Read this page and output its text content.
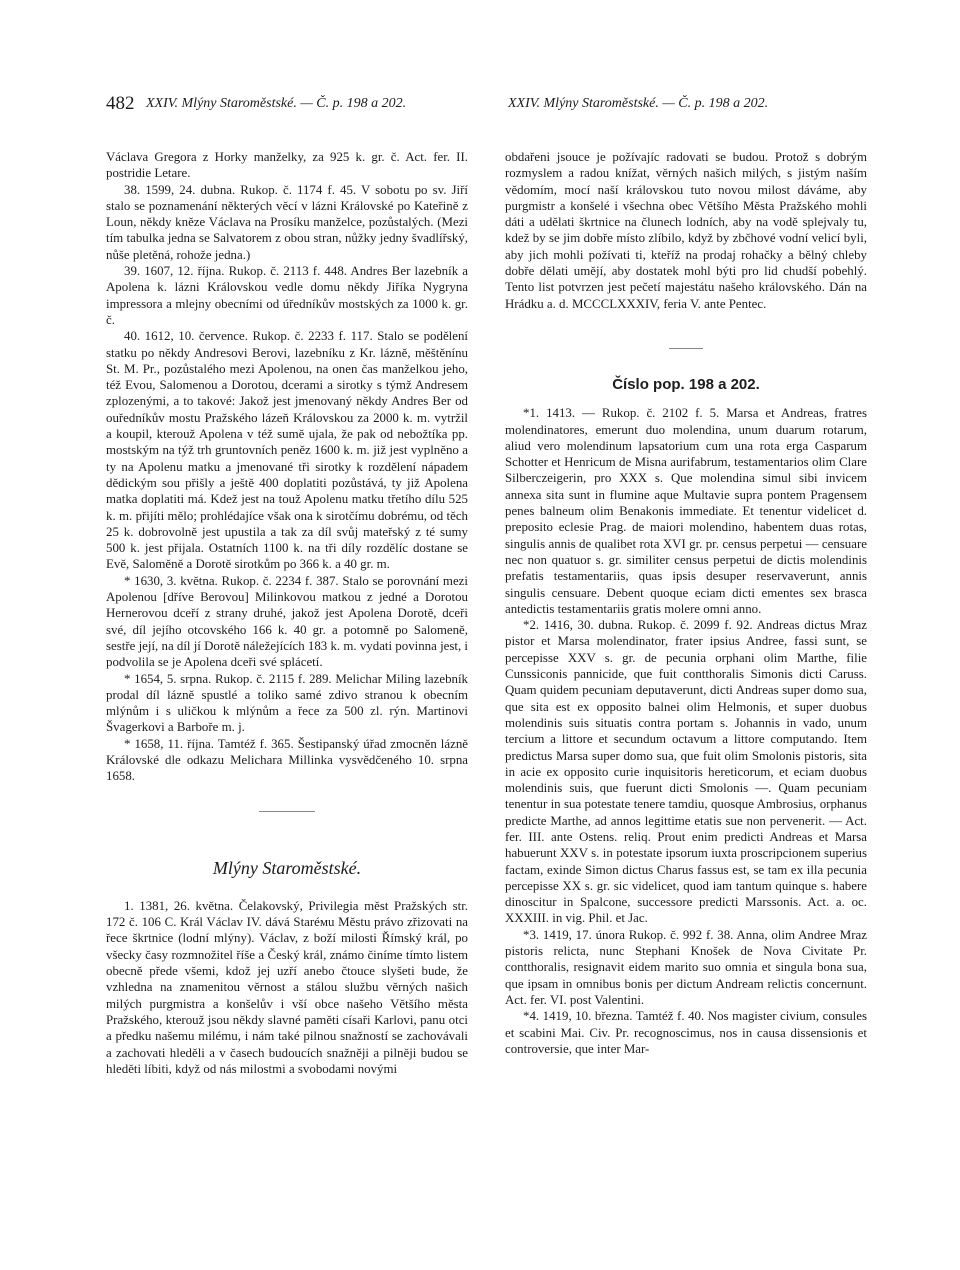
482 XXIV. Mlýny Staroměstské. — Č. p. 198 a 202.	XXIV. Mlýny Staroměstské. — Č. p. 198 a 202.

Václava Gregora z Horky manželky, za 925 k. gr. č. Act. fer. II. postridie Letare.

38. 1599, 24. dubna. Rukop. č. 1174 f. 45. V sobotu po sv. Jiří stalo se poznamenání některých věcí v lázni Královské po Kateřině z Loun, někdy kněze Václava na Prosíku manželce, pozůstalých. (Mezi tím tabulka jedna se Salvatorem z obou stran, nůžky jedny švadlířský, nůše pletěná, rohože jedna.)

39. 1607, 12. října. Rukop. č. 2113 f. 448. Andres Ber lazebník a Apolena k. lázni Královskou vedle domu někdy Jiříka Nygryna impressora a mlejny obecními od úředníkův mostských za 1000 k. gr. č.

40. 1612, 10. července. Rukop. č. 2233 f. 117. Stalo se podělení statku po někdy Andresovi Berovi, lazebníku z Kr. lázně, měštěnínu St. M. Pr., pozůstalého mezi Apolenou, na onen čas manželkou jeho, též Evou, Salomenou a Dorotou, dcerami a sirotky s týmž Andresem zplozenými, a to takové: Jakož jest jmenovaný někdy Andres Ber od ouředníkův mostu Pražského lázeň Královskou za 2000 k. m. vytržil a koupil, kterouž Apolena v též sumě ujala, že pak od nebožtíka pp. mostským na týž trh gruntovních peněz 1600 k. m. již jest vyplněno a ty na Apolenu matku a jmenované tři sirotky k rozdělení nápadem dědickým sou přišly a ještě 400 doplatiti pozůstává, ty již Apolena matka doplatiti má. Kdež jest na touž Apolenu matku třetího dílu 525 k. m. přijíti mělo; prohlédajíce však ona k sirotčímu dobrému, od těch 25 k. dobrovolně jest upustila a tak za díl svůj mateřský z té sumy 500 k. jest přijala. Ostatních 1100 k. na tři díly rozdělíc dostane se Evě, Saloměně a Dorotě sirotkům po 366 k. a 40 gr. m.

* 1630, 3. května. Rukop. č. 2234 f. 387. Stalo se porovnání mezi Apolenou [dříve Berovou] Milinkovou matkou z jedné a Dorotou Hernerovou dceří z strany druhé, jakož jest Apolena Dorotě, dceři své, díl jejího otcovského 166 k. 40 gr. a potomně po Salomeně, sestře její, na díl jí Dorotě náležejících 183 k. m. vydati povinna jest, i podvolila se je Apolena dceři své splácetí.

* 1654, 5. srpna. Rukop. č. 2115 f. 289. Melichar Miling lazebník prodal díl lázně spustlé a toliko samé zdivo stranou k obecním mlýnům i s uličkou k mlýnům a řece za 500 zl. rýn. Martinovi Švagerkovi a Barboře m. j.

* 1658, 11. října. Tamtéž f. 365. Šestipanský úřad zmocněn lázně Královské dle odkazu Melichara Millinka vysvědčeného 10. srpna 1658.

Mlýny Staroměstské.

1. 1381, 26. května. Čelakovský, Privilegia měst Pražských str. 172 č. 106 C. Král Václav IV. dává Staréмu Městu právo zřizovati na řece škrtnice (lodní mlýny). Václav, z boží milosti Římský král, po všecky časy rozmnožitel říše a Český král, známo činíme tímto listem obecně přede všemi, kdož jej uzří anebo čtouce slyšeti bude, že vzhledna na znamenitou věrnost a stálou službu věrných našich milých purgmistra a konšelův i vší obce našeho Většího města Pražského, kterouž jsou někdy slavné paměti císaři Karlovi, panu otci a předku našemu milému, i nám také pilnou snažností se zachovávali a zachovati hleděli a v časech budoucích snažněji a pilněji budou se hleděti líbiti, když od nás milostmi a svobodami novými

obdařeni jsouce je požívajíc radovati se budou. Protož s dobrým rozmyslem a radou knížat, věrných našich milých, s jistým naším vědomím, mocí naší královskou tuto novou milost dáváme, aby purgmistr a konšelé i všechna obec Většího Města Pražského mohli dáti a udělati škrtnice na člunech lodních, aby na vodě splejvaly tu, kdež by se jim dobře místo zlíbilo, když by zbčhové vodní velicí byli, aby jich mohli požívati ti, kteříž na prodaj rohačky a bělný chleby dobře dělati umějí, aby dostatek mohl býti pro lid chudší pobehlý. Tento list potvrzen jest pečetí majestátu našeho královského. Dán na Hrádku a. d. MCCCLXXXIV, feria V. ante Pentec.

Číslo pop. 198 a 202.

*1. 1413. — Rukop. č. 2102 f. 5. Marsa et Andreas, fratres molendinatores, emerunt duo molendina, unum duarum rotarum, aliud vero molendinum lapsatorium cum una rota erga Casparum Schotter et Henricum de Misna aurifabrum, testamentarios olim Clare Silberczeigerin, pro XXX s. Que molendina simul sibi invicem annexa sita sunt in flumine aque Multavie supra pontem Pragensem penes balneum olim Benakonis immediate. Et tenentur videlicet d. preposito eclesie Prag. de maiori molendino, habentem duas rotas, singulis annis de qualibet rota XVI gr. pr. census perpetui — censuare nec non quatuor s. gr. similiter census perpetui de dictis molendinis prefatis testamentariis, quas ipsis desuper reservaverunt, annis singulis censuare. Debent quoque eciam dicti ementes sex brasca antedictis testamentariis gratis molere omni anno.

*2. 1416, 30. dubna. Rukop. č. 2099 f. 92. Andreas dictus Mraz pistor et Marsa molendinator, frater ipsius Andree, fassi sunt, se percepisse XXV s. gr. de pecunia orphani olim Marthe, filie Cunssiconis pannicide, que fuit contthoralis Simonis dicti Caruss. Quam quidem pecuniam deputaverunt, dicti Andreas super domo sua, que sita est ex opposito balnei olim Helmonis, et super duobus molendinis suis situatis contra portam s. Johannis in vado, unum tercium a littore et secundum octavum a littore computando. Item predictus Marsa super domo sua, que fuit olim Smolonis pistoris, sita in acie ex opposito curie inquisitoris hereticorum, et eciam duobus molendinis suis, que fuerunt dicti Smolonis —. Quam pecuniam tenentur in sua potestate tenere tamdiu, quosque Ambrosius, orphanus predicte Marthe, ad annos legittime etatis sue non pervenerit. — Act. fer. III. ante Ostens. reliq. Prout enim predicti Andreas et Marsa habuerunt XXV s. in potestate ipsorum iuxta proscripcionem superius factam, exinde Simon dictus Charus fassus est, se tam ex illa pecunia percepisse XX s. gr. sic videlicet, quod iam tantum quinque s. habere dinoscitur in Spalcone, successore predicti Marssonis. Act. a. oc. XXXIII. in vig. Phil. et Jac.

*3. 1419, 17. února Rukop. č. 992 f. 38. Anna, olim Andree Mraz pistoris relicta, nunc Stephani Knošek de Nova Civitate Pr. contthoralis, resignavit eidem marito suo omnia et singula bona sua, que ipsam in omnibus bonis per dictum Andream relictis concernunt. Act. fer. VI. post Valentini.

*4. 1419, 10. března. Tamtéž f. 40. Nos magister civium, consules et scabini Mai. Civ. Pr. recognoscimus, nos in causa dissensionis et controversie, que inter Mar-
